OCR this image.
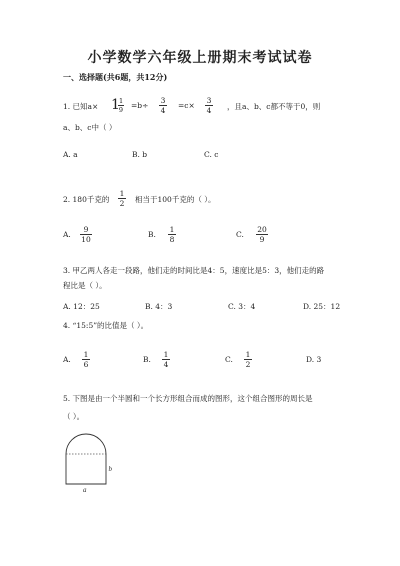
小学数学六年级上册期末考试试卷
一、选择题(共6题，共12分)
1. 已知a× 1
$\frac{1}{9} =b\div \frac{3}{4} =c\times \frac{3}{4}$ ，且a、b、c都不等于0，则
a、b、c中（ ）
A. a	B. b	C. c
2. 180千克的 $\frac{1}{2}$ 相当于100千克的（ ）。
A. $\frac{9}{10}$	B. $\frac{1}{8}$	C. $\frac{20}{9}$
3. 甲乙两人各走一段路，他们走的时间比是4：5，速度比是5：3，他们走的路
程比是（ ）。
A. 12：25	B. 4：3	C. 3：4	D. 25：12
4. “15:5”的比值是（ ）。
A. $\frac{1}{6}$	B. $\frac{1}{4}$	C. $\frac{1}{2}$	D. 3
5. 下图是由一个半圆和一个长方形组合而成的图形，这个组合图形的周长是
（ ）。
b
a
